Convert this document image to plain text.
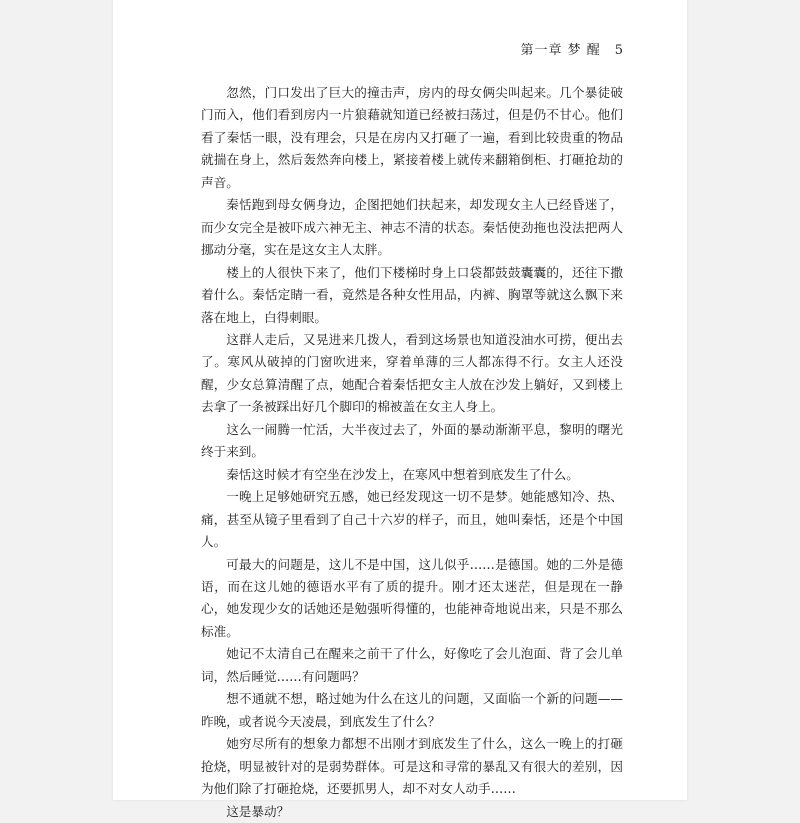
第一章 梦 醒 5

忽然，门口发出了巨大的撞击声，房内的母女俩尖叫起来。几个暴徒破门而入，他们看到房内一片狼藉就知道已经被扫荡过，但是仍不甘心。他们看了秦恬一眼，没有理会，只是在房内又打砸了一遍，看到比较贵重的物品就揣在身上，然后轰然奔向楼上，紧接着楼上就传来翻箱倒柜、打砸抢劫的声音。

秦恬跑到母女俩身边，企图把她们扶起来，却发现女主人已经昏迷了，而少女完全是被吓成六神无主、神志不清的状态。秦恬使劲拖也没法把两人挪动分毫，实在是这女主人太胖。

楼上的人很快下来了，他们下楼梯时身上口袋都鼓鼓囊囊的，还往下撒着什么。秦恬定睛一看，竟然是各种女性用品，内裤、胸罩等就这么飘下来落在地上，白得刺眼。

这群人走后，又晃进来几拨人，看到这场景也知道没油水可捞，便出去了。寒风从破掉的门窗吹进来，穿着单薄的三人都冻得不行。女主人还没醒，少女总算清醒了点，她配合着秦恬把女主人放在沙发上躺好，又到楼上去拿了一条被踩出好几个脚印的棉被盖在女主人身上。

这么一闹腾一忙活，大半夜过去了，外面的暴动渐渐平息，黎明的曙光终于来到。

秦恬这时候才有空坐在沙发上，在寒风中想着到底发生了什么。

一晚上足够她研究五感，她已经发现这一切不是梦。她能感知冷、热、痛，甚至从镜子里看到了自己十六岁的样子，而且，她叫秦恬，还是个中国人。

可最大的问题是，这儿不是中国，这儿似乎……是德国。她的二外是德语，而在这儿她的德语水平有了质的提升。刚才还太迷茫，但是现在一静心，她发现少女的话她还是勉强听得懂的，也能神奇地说出来，只是不那么标准。

她记不太清自己在醒来之前干了什么，好像吃了会儿泡面、背了会儿单词，然后睡觉……有问题吗？

想不通就不想，略过她为什么在这儿的问题，又面临一个新的问题——昨晚，或者说今天凌晨，到底发生了什么？

她穷尽所有的想象力都想不出刚才到底发生了什么，这么一晚上的打砸抢烧，明显被针对的是弱势群体。可是这和寻常的暴乱又有很大的差别，因为他们除了打砸抢烧，还要抓男人，却不对女人动手……

这是暴动？
